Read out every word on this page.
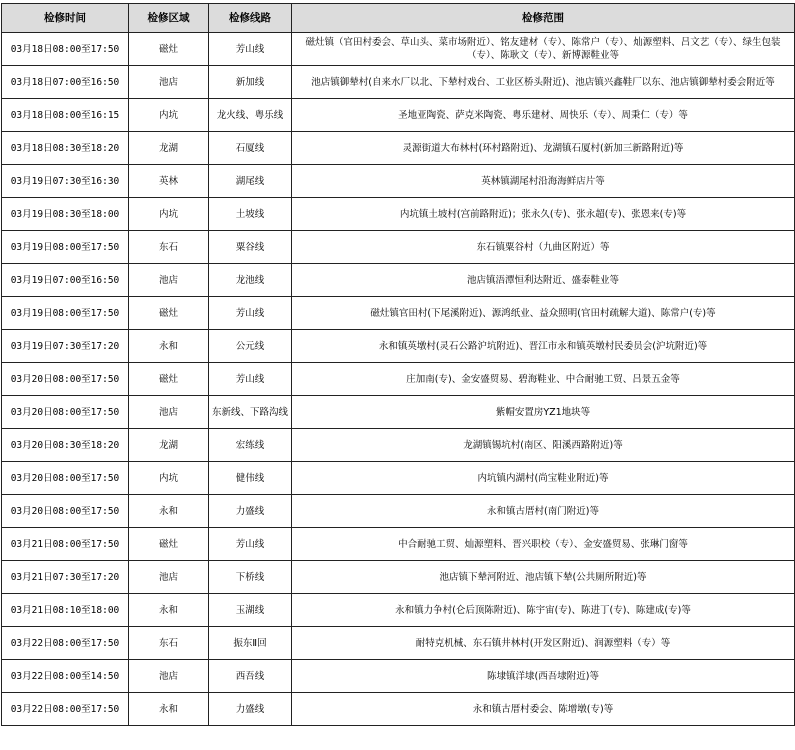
检修时间	检修区域	检修线路	检修范围
03月18日08:00至17:50	磁灶	芳山线	磁灶镇（官田村委会、草山头、菜市场附近）、铭友建材（专）、陈常户（专）、灿源塑料、吕文艺（专）、绿生包装（专）、陈耿文（专）、新博源鞋业等
03月18日07:00至16:50	池店	新加线	池店镇御辇村(自来水厂以北、下辇村戏台、工业区桥头附近)、池店镇兴鑫鞋厂以东、池店镇御辇村委会附近等
03月18日08:00至16:15	内坑	龙火线、粤乐线	圣地亚陶瓷、萨克米陶瓷、粤乐建材、周快乐（专）、周秉仁（专）等
03月18日08:30至18:20	龙湖	石厦线	灵源街道大布林村(环村路附近)、龙湖镇石厦村(新加三新路附近)等
03月19日07:30至16:30	英林	湖尾线	英林镇湖尾村沿海海鲜店片等
03月19日08:30至18:00	内坑	土坡线	内坑镇土坡村(宫前路附近)；张永久(专)、张永超(专)、张恩来(专)等
03月19日08:00至17:50	东石	粟谷线	东石镇粟谷村（九曲区附近）等
03月19日07:00至16:50	池店	龙池线	池店镇浯潭恒利达附近、盛泰鞋业等
03月19日08:00至17:50	磁灶	芳山线	磁灶镇官田村(下尾溪附近)、源鸿纸业、益众照明(官田村疏解大道)、陈常户(专)等
03月19日07:30至17:20	永和	公元线	永和镇英墩村(灵石公路沪坑附近)、晋江市永和镇英墩村民委员会(沪坑附近)等
03月20日08:00至17:50	磁灶	芳山线	庄加南(专)、金安盛贸易、碧海鞋业、中合耐驰工贸、吕景五金等
03月20日08:00至17:50	池店	东新线、下路沟线	紫帽安置房YZ1地块等
03月20日08:30至18:20	龙湖	宏练线	龙湖镇锡坑村(南区、阳溪西路附近)等
03月20日08:00至17:50	内坑	健伟线	内坑镇内湖村(尚宝鞋业附近)等
03月20日08:00至17:50	永和	力盛线	永和镇古厝村(南门附近)等
03月21日08:00至17:50	磁灶	芳山线	中合耐驰工贸、灿源塑料、晋兴职校（专）、金安盛贸易、张琳门窗等
03月21日07:30至17:20	池店	下桥线	池店镇下辇河附近、池店镇下辇(公共厕所附近)等
03月21日08:10至18:00	永和	玉湖线	永和镇力争村(仑后顶陈附近)、陈宇宙(专)、陈进丁(专)、陈建成(专)等
03月22日08:00至17:50	东石	振东Ⅱ回	耐特克机械、东石镇井林村(开发区附近)、润源塑料（专）等
03月22日08:00至14:50	池店	西吾线	陈埭镇洋埭(西吾埭附近)等
03月22日08:00至17:50	永和	力盛线	永和镇古厝村委会、陈增墩(专)等
